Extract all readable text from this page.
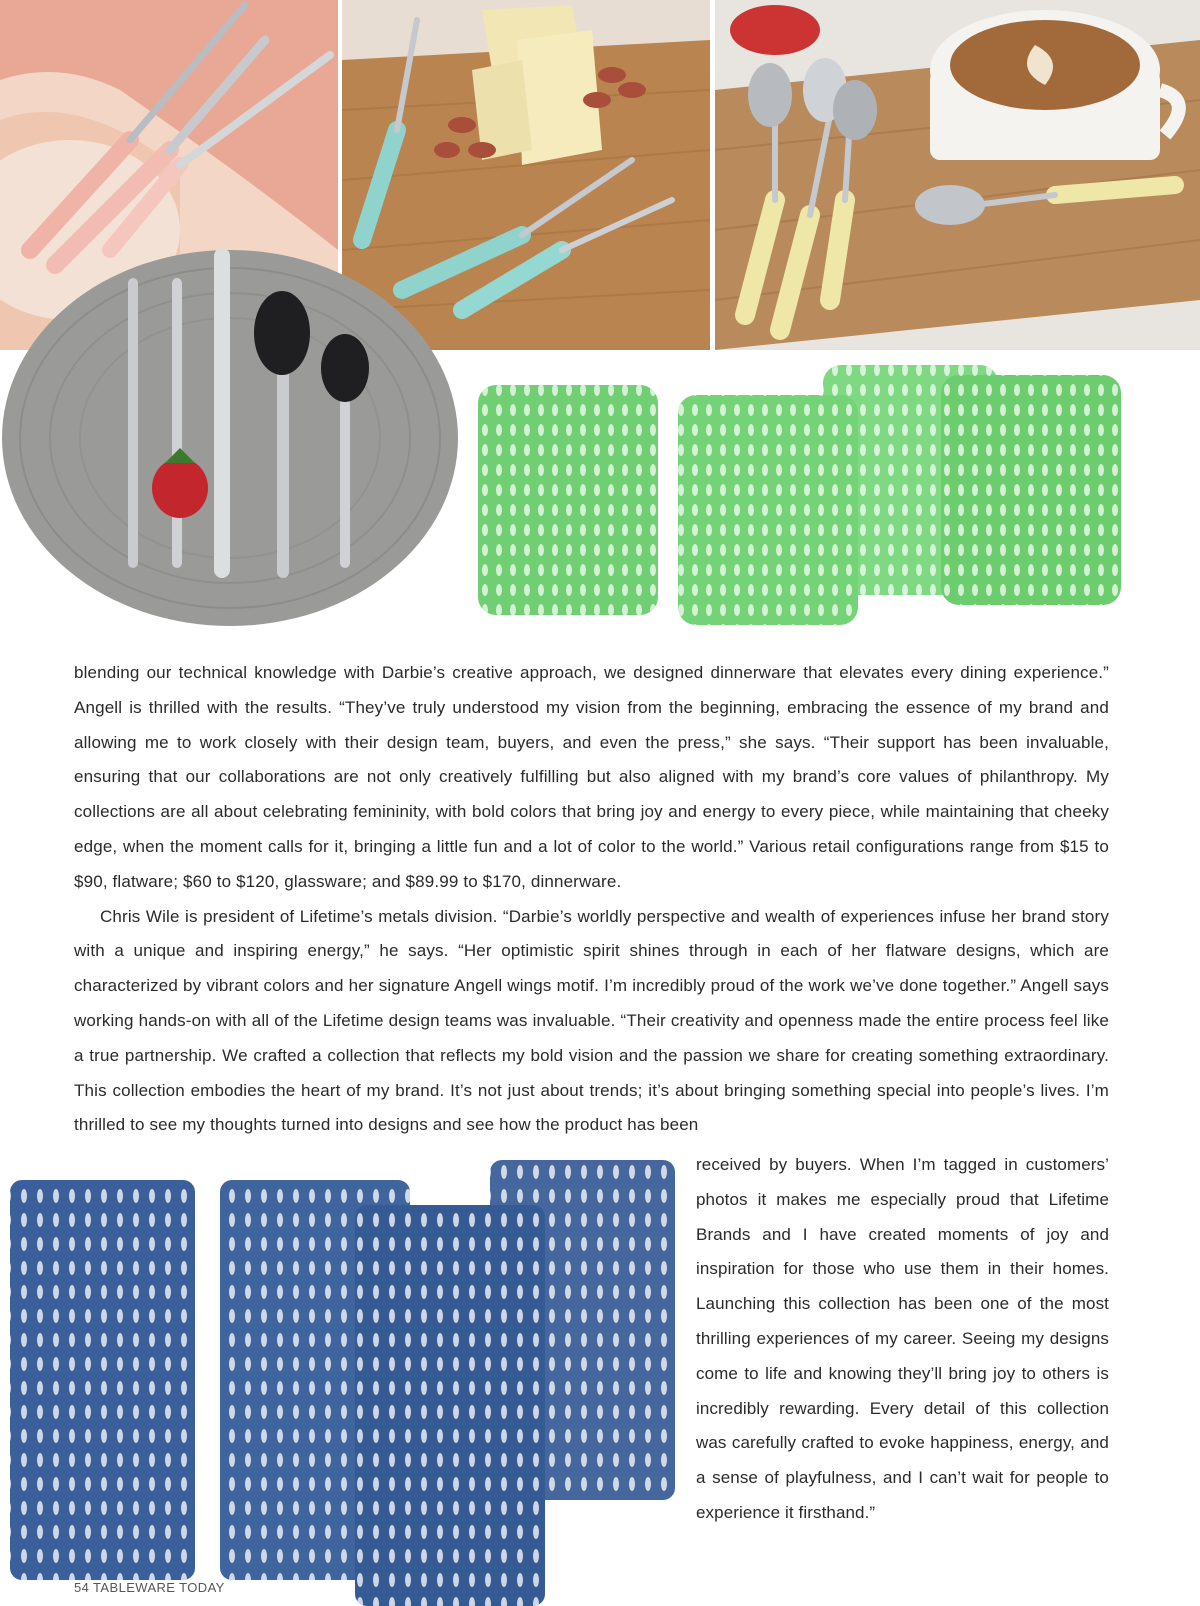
blending our technical knowledge with Darbie’s creative approach, we designed dinnerware that elevates every dining experience.” Angell is thrilled with the results. “They’ve truly understood my vision from the beginning, embracing the essence of my brand and allowing me to work closely with their design team, buyers, and even the press,” she says. “Their support has been invaluable, ensuring that our collaborations are not only creatively fulfilling but also aligned with my brand’s core values of philanthropy. My collections are all about celebrating femininity, with bold colors that bring joy and energy to every piece, while maintaining that cheeky edge, when the moment calls for it, bringing a little fun and a lot of color to the world.” Various retail configurations range from $15 to $90, flatware; $60 to $120, glassware; and $89.99 to $170, dinnerware.

Chris Wile is president of Lifetime’s metals division. “Darbie’s worldly perspective and wealth of experiences infuse her brand story with a unique and inspiring energy,” he says. “Her optimistic spirit shines through in each of her flatware designs, which are characterized by vibrant colors and her signature Angell wings motif. I’m incredibly proud of the work we’ve done together.” Angell says working hands-on with all of the Lifetime design teams was invaluable. “Their creativity and openness made the entire process feel like a true partnership. We crafted a collection that reflects my bold vision and the passion we share for creating something extraordinary. This collection embodies the heart of my brand. It’s not just about trends; it’s about bringing something special into people’s lives. I’m thrilled to see my thoughts turned into designs and see how the product has been

received by buyers. When I’m tagged in customers’ photos it makes me especially proud that Lifetime Brands and I have created moments of joy and inspiration for those who use them in their homes. Launching this collection has been one of the most thrilling experiences of my career. Seeing my designs come to life and knowing they’ll bring joy to others is incredibly rewarding. Every detail of this collection was carefully crafted to evoke happiness, energy, and a sense of playfulness, and I can’t wait for people to experience it firsthand.”

54 TABLEWARE TODAY
